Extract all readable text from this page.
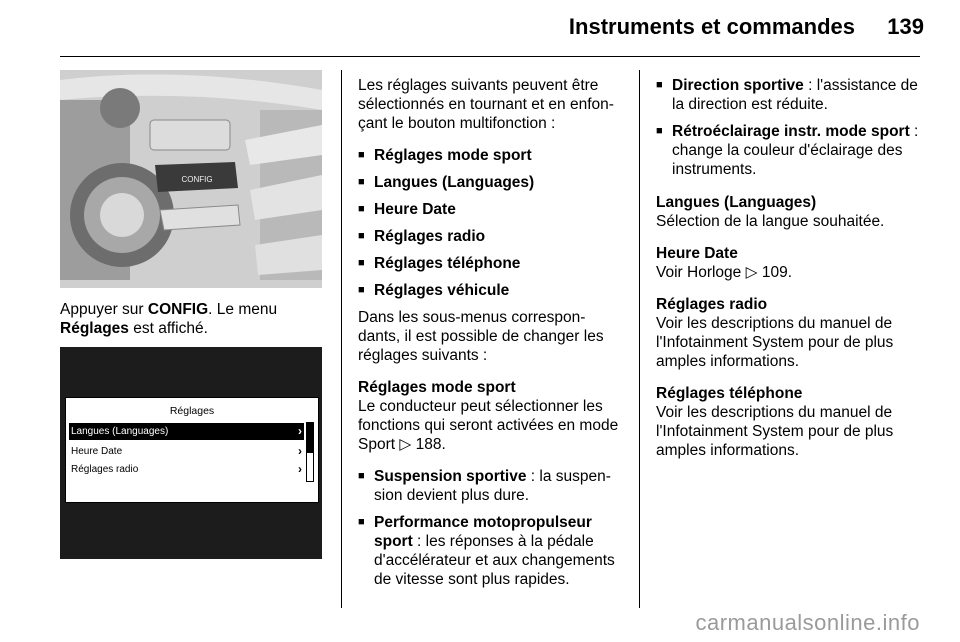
Instruments et commandes 139
CONFIG
Appuyer sur CONFIG. Le menu
Réglages est affiché.
Réglages
Langues (Languages)	›
Heure Date	›
Réglages radio	›

Les réglages suivants peuvent être sélectionnés en tournant et en enfon-çant le bouton multifonction :

■ Réglages mode sport
■ Langues (Languages)
■ Heure Date
■ Réglages radio
■ Réglages téléphone
■ Réglages véhicule

Dans les sous-menus correspon-dants, il est possible de changer les réglages suivants :

Réglages mode sport
Le conducteur peut sélectionner les fonctions qui seront activées en mode Sport ▷ 188.

■ Suspension sportive : la suspen-sion devient plus dure.
■ Performance motopropulseur sport : les réponses à la pédale d'accélérateur et aux changements de vitesse sont plus rapides.
■ Direction sportive : l'assistance de la direction est réduite.
■ Rétroéclairage instr. mode sport : change la couleur d'éclairage des instruments.

Langues (Languages)
Sélection de la langue souhaitée.

Heure Date
Voir Horloge ▷ 109.

Réglages radio
Voir les descriptions du manuel de l'Infotainment System pour de plus amples informations.

Réglages téléphone
Voir les descriptions du manuel de l'Infotainment System pour de plus amples informations.

carmanualsonline.info
